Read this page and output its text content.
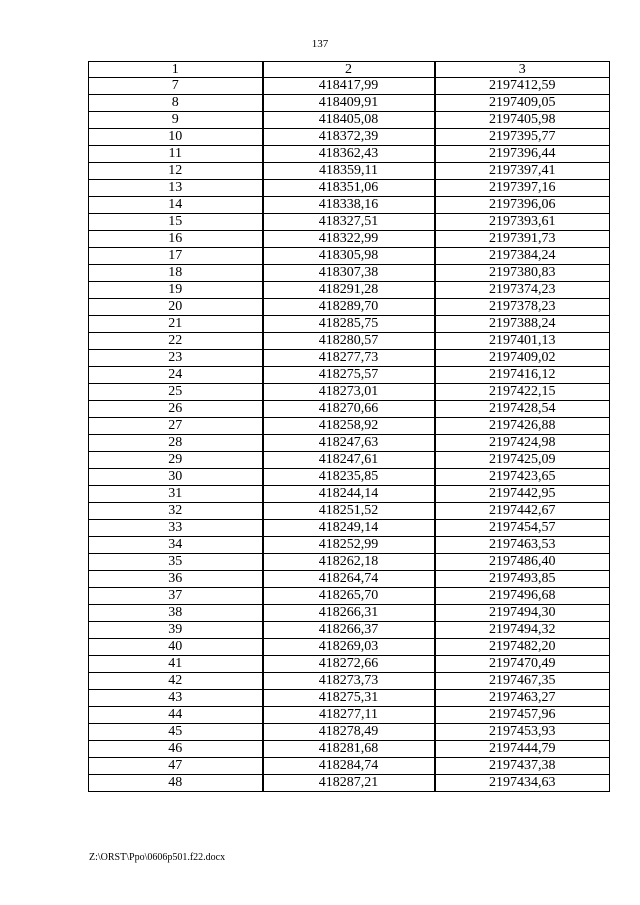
137
1	2	3
7	418417,99	2197412,59
8	418409,91	2197409,05
9	418405,08	2197405,98
10	418372,39	2197395,77
11	418362,43	2197396,44
12	418359,11	2197397,41
13	418351,06	2197397,16
14	418338,16	2197396,06
15	418327,51	2197393,61
16	418322,99	2197391,73
17	418305,98	2197384,24
18	418307,38	2197380,83
19	418291,28	2197374,23
20	418289,70	2197378,23
21	418285,75	2197388,24
22	418280,57	2197401,13
23	418277,73	2197409,02
24	418275,57	2197416,12
25	418273,01	2197422,15
26	418270,66	2197428,54
27	418258,92	2197426,88
28	418247,63	2197424,98
29	418247,61	2197425,09
30	418235,85	2197423,65
31	418244,14	2197442,95
32	418251,52	2197442,67
33	418249,14	2197454,57
34	418252,99	2197463,53
35	418262,18	2197486,40
36	418264,74	2197493,85
37	418265,70	2197496,68
38	418266,31	2197494,30
39	418266,37	2197494,32
40	418269,03	2197482,20
41	418272,66	2197470,49
42	418273,73	2197467,35
43	418275,31	2197463,27
44	418277,11	2197457,96
45	418278,49	2197453,93
46	418281,68	2197444,79
47	418284,74	2197437,38
48	418287,21	2197434,63
Z:\ORST\Ppo\0606p501.f22.docx
